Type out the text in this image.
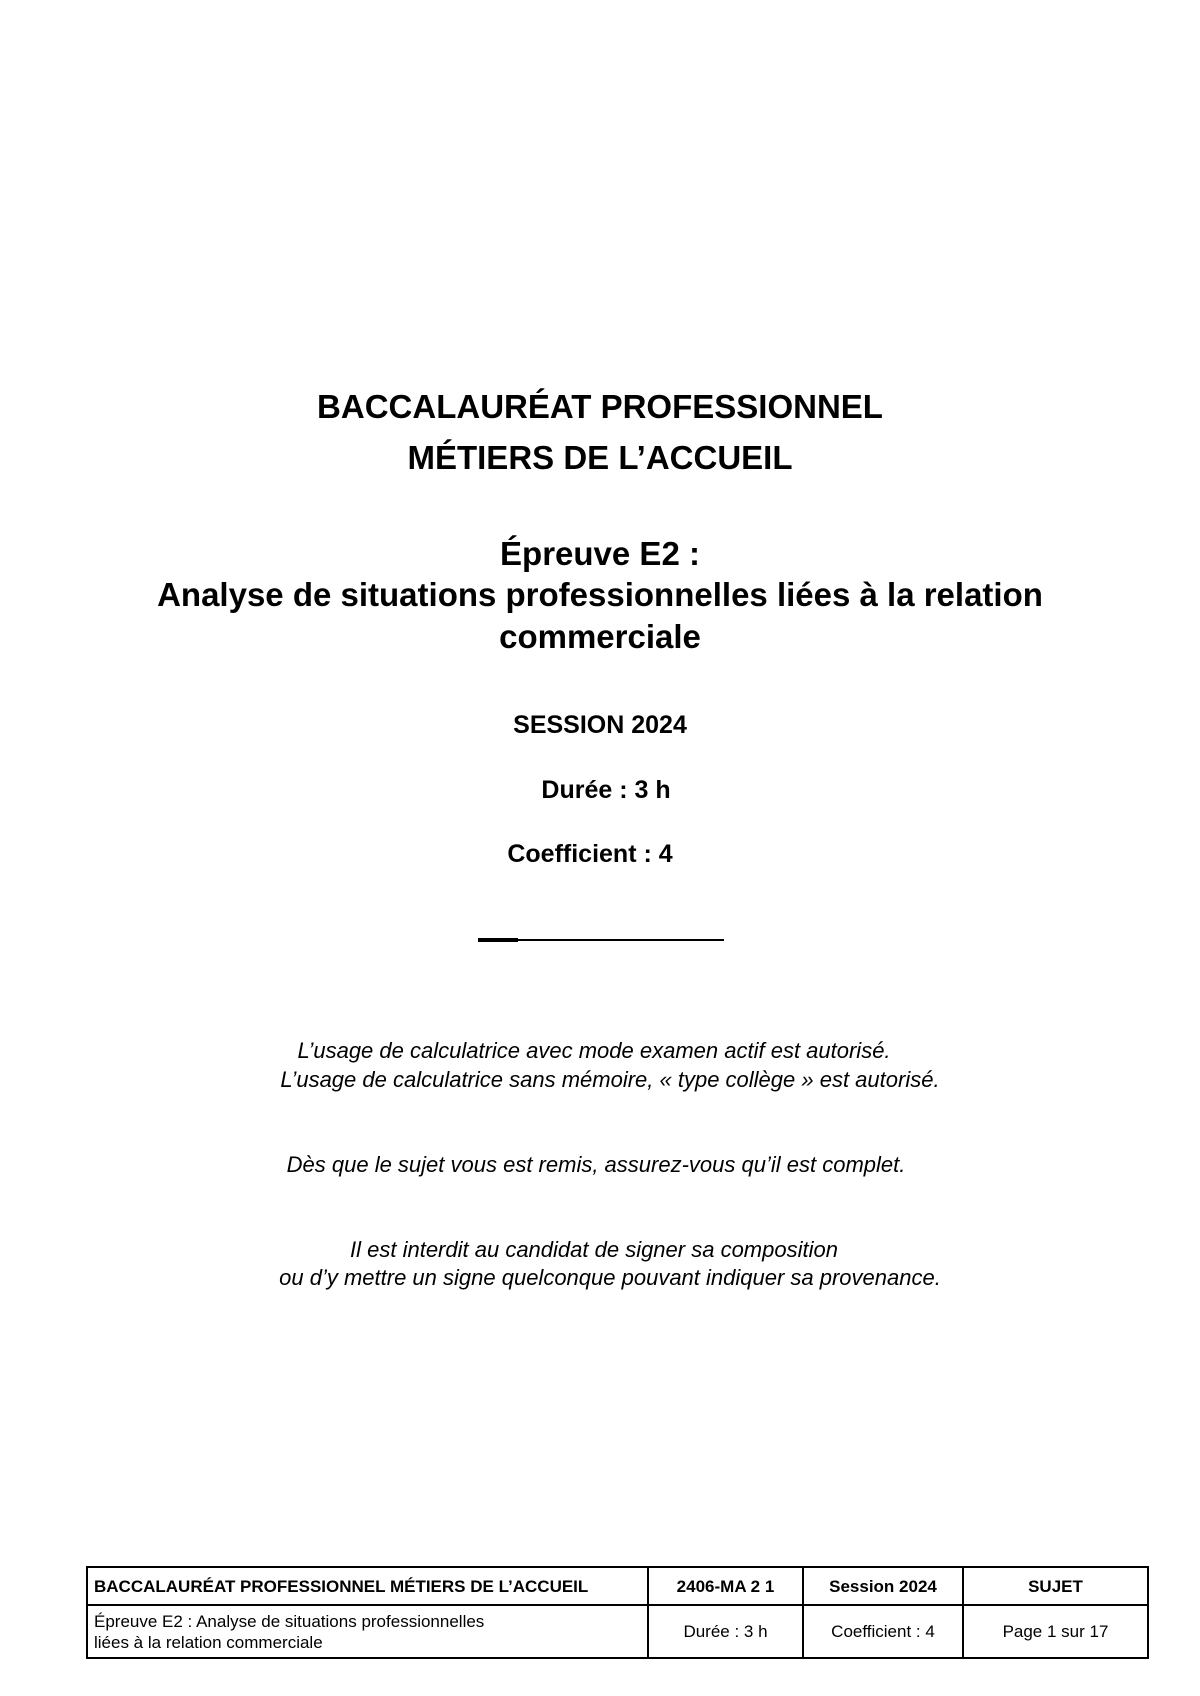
BACCALAURÉAT PROFESSIONNEL
MÉTIERS DE L’ACCUEIL
Épreuve E2 :
Analyse de situations professionnelles liées à la relation
commerciale
SESSION 2024
Durée : 3 h
Coefficient : 4
L’usage de calculatrice avec mode examen actif est autorisé.
L’usage de calculatrice sans mémoire, « type collège » est autorisé.
Dès que le sujet vous est remis, assurez-vous qu’il est complet.
Il est interdit au candidat de signer sa composition
ou d’y mettre un signe quelconque pouvant indiquer sa provenance.
BACCALAURÉAT PROFESSIONNEL MÉTIERS DE L’ACCUEIL	2406-MA 2 1	Session 2024	SUJET

Épreuve E2 : Analyse de situations professionnelles
liées à la relation commerciale	Durée : 3 h	Coefficient : 4	Page 1 sur 17
